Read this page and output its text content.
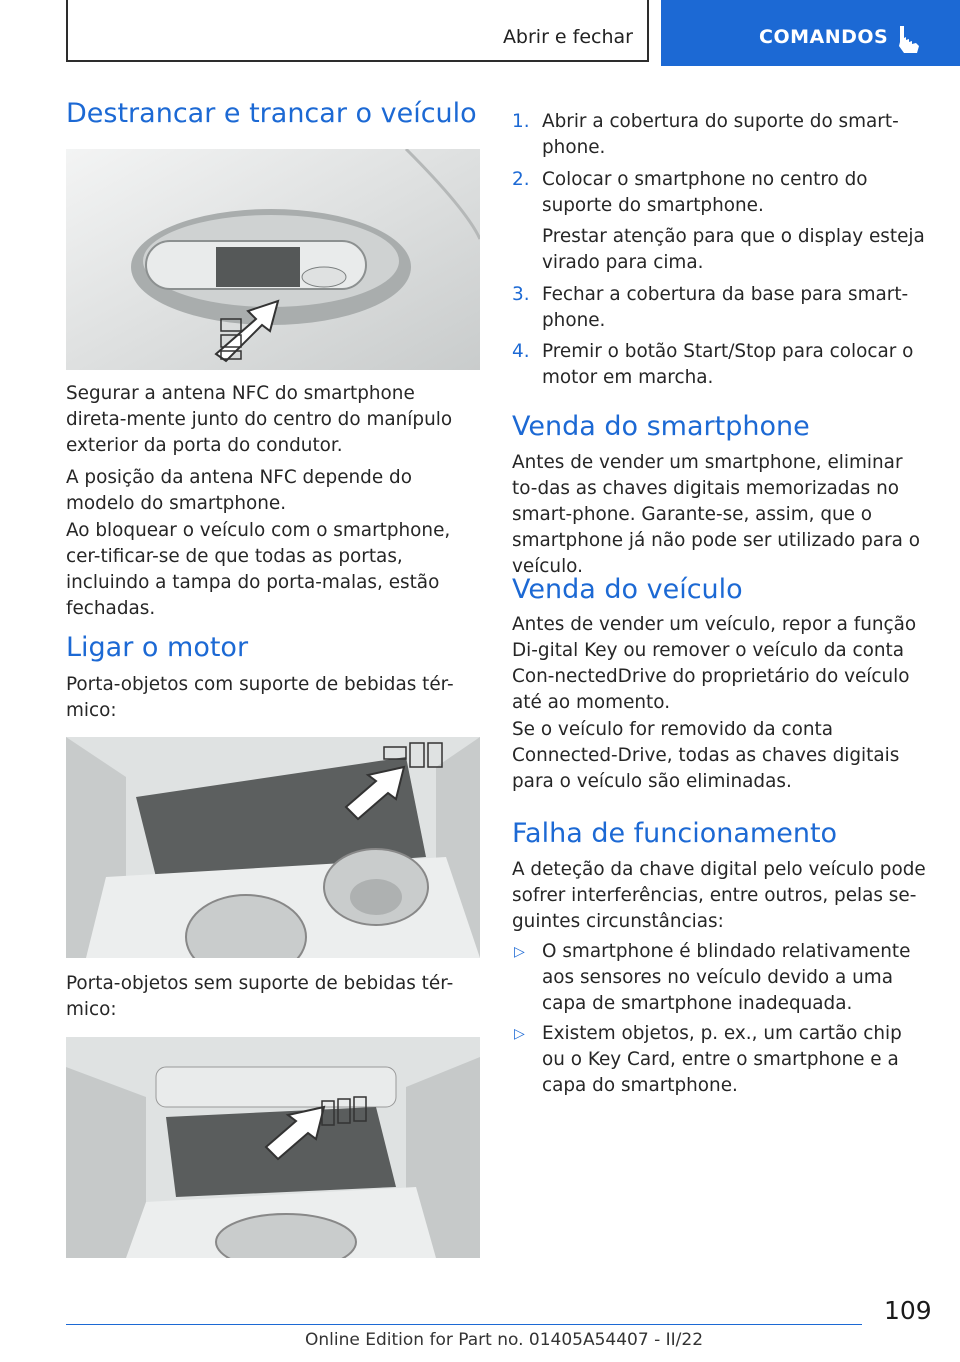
Abrir e fechar	COMANDOS
Destrancar e trancar o veículo

Segurar a antena NFC do smartphone direta-mente junto do centro do manípulo exterior da porta do condutor.

A posição da antena NFC depende do modelo do smartphone.

Ao bloquear o veículo com o smartphone, cer-tificar-se de que todas as portas, incluindo a tampa do porta-malas, estão fechadas.

Ligar o motor

Porta-objetos com suporte de bebidas tér-mico:

Porta-objetos sem suporte de bebidas tér-mico:

1. Abrir a cobertura do suporte do smart-phone.
2. Colocar o smartphone no centro do suporte do smartphone.

Prestar atenção para que o display esteja virado para cima.

3. Fechar a cobertura da base para smart-phone.
4. Premir o botão Start/Stop para colocar o motor em marcha.
Venda do smartphone

Antes de vender um smartphone, eliminar to-das as chaves digitais memorizadas no smart-phone. Garante-se, assim, que o smartphone já não pode ser utilizado para o veículo.

Venda do veículo

Antes de vender um veículo, repor a função Di-gital Key ou remover o veículo da conta Con-nectedDrive do proprietário do veículo até ao momento.

Se o veículo for removido da conta Connected-Drive, todas as chaves digitais para o veículo são eliminadas.

Falha de funcionamento

A deteção da chave digital pelo veículo pode sofrer interferências, entre outros, pelas se-guintes circunstâncias:

▷ O smartphone é blindado relativamente aos sensores no veículo devido a uma capa de smartphone inadequada.
▷ Existem objetos, p. ex., um cartão chip ou o Key Card, entre o smartphone e a capa do smartphone.
109
Online Edition for Part no. 01405A54407 - II/22
